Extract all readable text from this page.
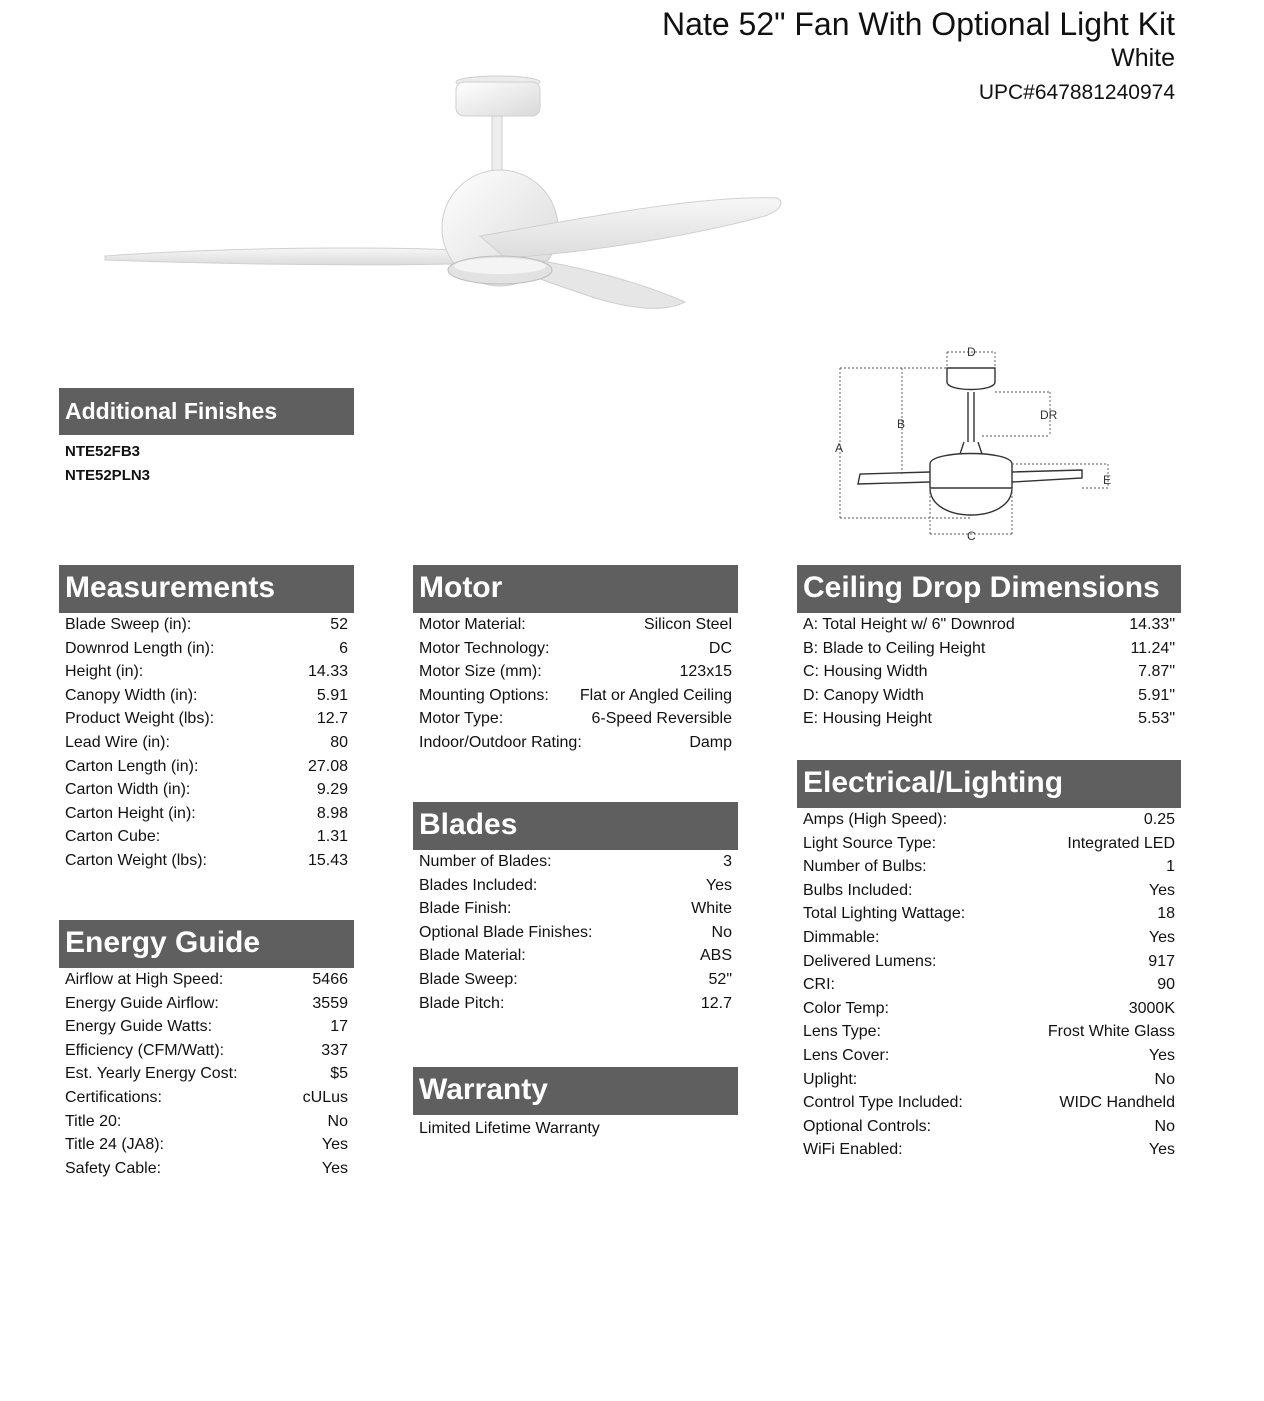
Nate 52" Fan With Optional Light Kit
White
UPC#647881240974
A
B
C
D
DR
E
Additional Finishes
NTE52FB3
NTE52PLN3
Measurements
Blade Sweep (in):	52
Downrod Length (in):	6
Height (in):	14.33
Canopy Width (in):	5.91
Product Weight (lbs):	12.7
Lead Wire (in):	80
Carton Length (in):	27.08
Carton Width (in):	9.29
Carton Height (in):	8.98
Carton Cube:	1.31
Carton Weight (lbs):	15.43
Energy Guide
Airflow at High Speed:	5466
Energy Guide Airflow:	3559
Energy Guide Watts:	17
Efficiency (CFM/Watt):	337
Est. Yearly Energy Cost:	$5
Certifications:	cULus
Title 20:	No
Title 24 (JA8):	Yes
Safety Cable:	Yes
Motor
Motor Material:	Silicon Steel
Motor Technology:	DC
Motor Size (mm):	123x15
Mounting Options: Flat or Angled Ceiling
Motor Type:	6-Speed Reversible
Indoor/Outdoor Rating:	Damp
Blades
Number of Blades:	3
Blades Included:	Yes
Blade Finish:	White
Optional Blade Finishes:	No
Blade Material:	ABS
Blade Sweep:	52"
Blade Pitch:	12.7
Warranty
Limited Lifetime Warranty
Ceiling Drop Dimensions
A: Total Height w/ 6" Downrod	14.33"
B: Blade to Ceiling Height	11.24"
C: Housing Width	7.87"
D: Canopy Width	5.91"
E: Housing Height	5.53"
Electrical/Lighting
Amps (High Speed):	0.25
Light Source Type:	Integrated LED
Number of Bulbs:	1
Bulbs Included:	Yes
Total Lighting Wattage:	18
Dimmable:	Yes
Delivered Lumens:	917
CRI:	90
Color Temp:	3000K
Lens Type:	Frost White Glass
Lens Cover:	Yes
Uplight:	No
Control Type Included:	WIDC Handheld
Optional Controls:	No
WiFi Enabled:	Yes
